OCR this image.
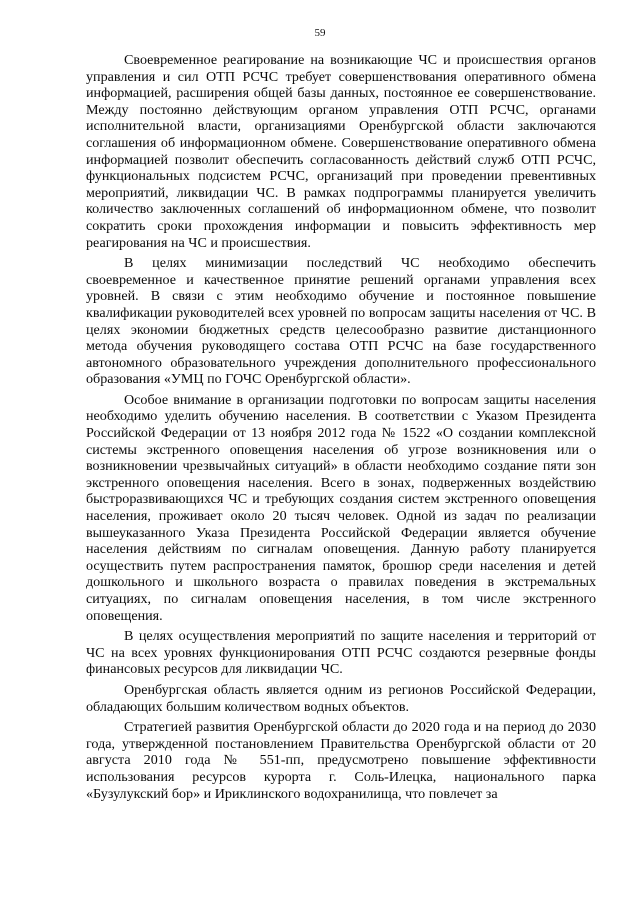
59

Своевременное реагирование на возникающие ЧС и происшествия органов управления и сил ОТП РСЧС требует совершенствования оперативного обмена информацией, расширения общей базы данных, постоянное ее совершенствование. Между постоянно действующим органом управления ОТП РСЧС, органами исполнительной власти, организациями Оренбургской области заключаются соглашения об информационном обмене. Совершенствование оперативного обмена информацией позволит обеспечить согласованность действий служб ОТП РСЧС, функциональных подсистем РСЧС, организаций при проведении превентивных мероприятий, ликвидации ЧС. В рамках подпрограммы планируется увеличить количество заключенных соглашений об информационном обмене, что позволит сократить сроки прохождения информации и повысить эффективность мер реагирования на ЧС и происшествия.

В целях минимизации последствий ЧС необходимо обеспечить своевременное и качественное принятие решений органами управления всех уровней. В связи с этим необходимо обучение и постоянное повышение квалификации руководителей всех уровней по вопросам защиты населения от ЧС. В целях экономии бюджетных средств целесообразно развитие дистанционного метода обучения руководящего состава ОТП РСЧС на базе государственного автономного образовательного учреждения дополнительного профессионального образования «УМЦ по ГОЧС Оренбургской области».

Особое внимание в организации подготовки по вопросам защиты населения необходимо уделить обучению населения. В соответствии с Указом Президента Российской Федерации от 13 ноября 2012 года № 1522 «О создании комплексной системы экстренного оповещения населения об угрозе возникновения или о возникновении чрезвычайных ситуаций» в области необходимо создание пяти зон экстренного оповещения населения. Всего в зонах, подверженных воздействию быстроразвивающихся ЧС и требующих создания систем экстренного оповещения населения, проживает около 20 тысяч человек. Одной из задач по реализации вышеуказанного Указа Президента Российской Федерации является обучение населения действиям по сигналам оповещения. Данную работу планируется осуществить путем распространения памяток, брошюр среди населения и детей дошкольного и школьного возраста о правилах поведения в экстремальных ситуациях, по сигналам оповещения населения, в том числе экстренного оповещения.

В целях осуществления мероприятий по защите населения и территорий от ЧС на всех уровнях функционирования ОТП РСЧС создаются резервные фонды финансовых ресурсов для ликвидации ЧС.

Оренбургская область является одним из регионов Российской Федерации, обладающих большим количеством водных объектов.

Стратегией развития Оренбургской области до 2020 года и на период до 2030 года, утвержденной постановлением Правительства Оренбургской области от 20 августа 2010 года № 551-пп, предусмотрено повышение эффективности использования ресурсов курорта г. Соль-Илецка, национального парка «Бузулукский бор» и Ириклинского водохранилища, что повлечет за
